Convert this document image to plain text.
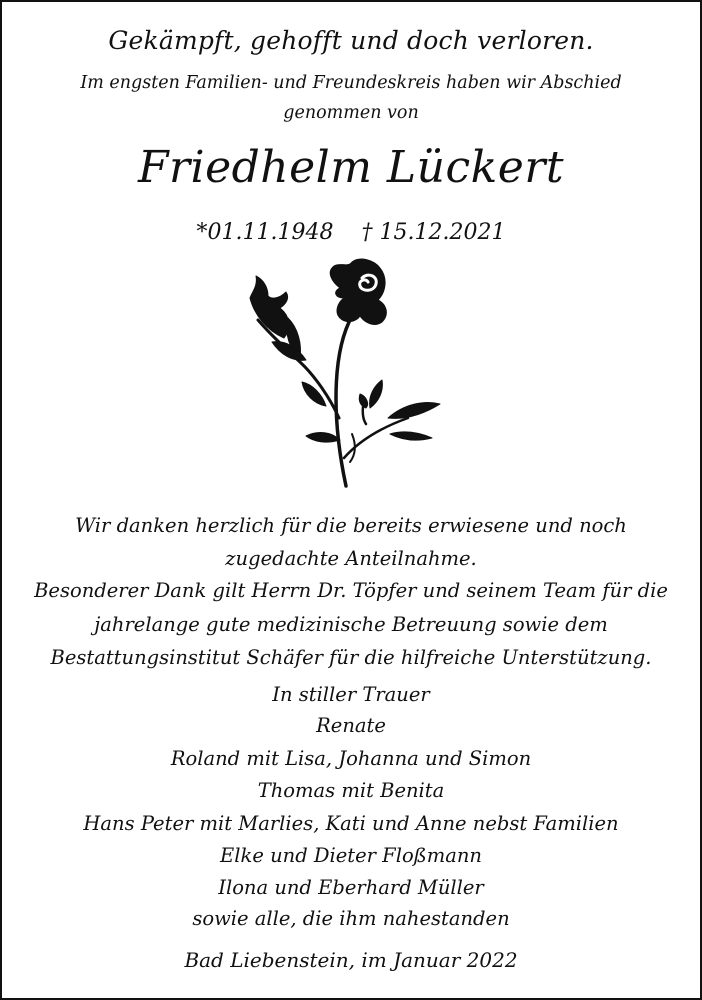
Gekämpft, gehofft und doch verloren.
Im engsten Familien- und Freundeskreis haben wir Abschied
genommen von
Friedhelm Lückert
*01.11.1948 † 15.12.2021
Wir danken herzlich für die bereits erwiesene und noch
zugedachte Anteilnahme.
Besonderer Dank gilt Herrn Dr. Töpfer und seinem Team für die
jahrelange gute medizinische Betreuung sowie dem
Bestattungsinstitut Schäfer für die hilfreiche Unterstützung.
In stiller Trauer
Renate
Roland mit Lisa, Johanna und Simon
Thomas mit Benita
Hans Peter mit Marlies, Kati und Anne nebst Familien
Elke und Dieter Floßmann
Ilona und Eberhard Müller
sowie alle, die ihm nahestanden
Bad Liebenstein, im Januar 2022
